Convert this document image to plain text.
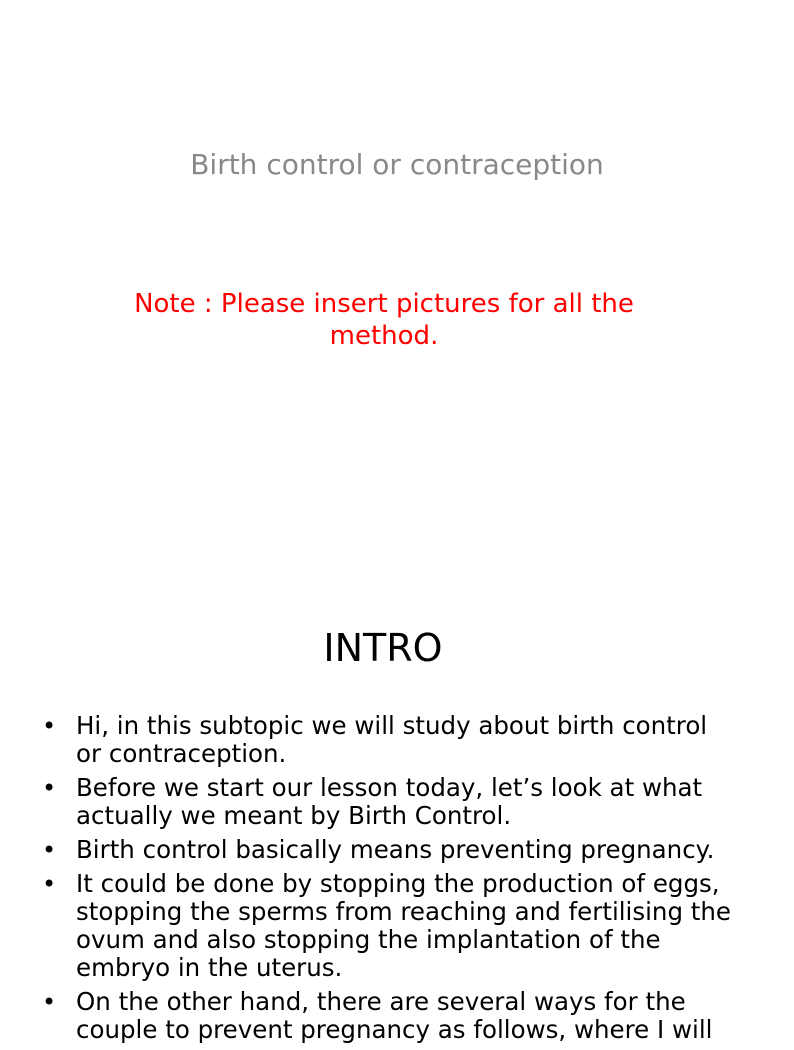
Birth control or contraception

Note : Please insert pictures for all the method.

INTRO
• Hi, in this subtopic we will study about birth control or contraception.
• Before we start our lesson today, let’s look at what actually we meant by Birth Control.
• Birth control basically means preventing pregnancy.
• It could be done by stopping the production of eggs, stopping the sperms from reaching and fertilising the ovum and also stopping the implantation of the embryo in the uterus.
• On the other hand, there are several ways for the couple to prevent pregnancy as follows, where I will
